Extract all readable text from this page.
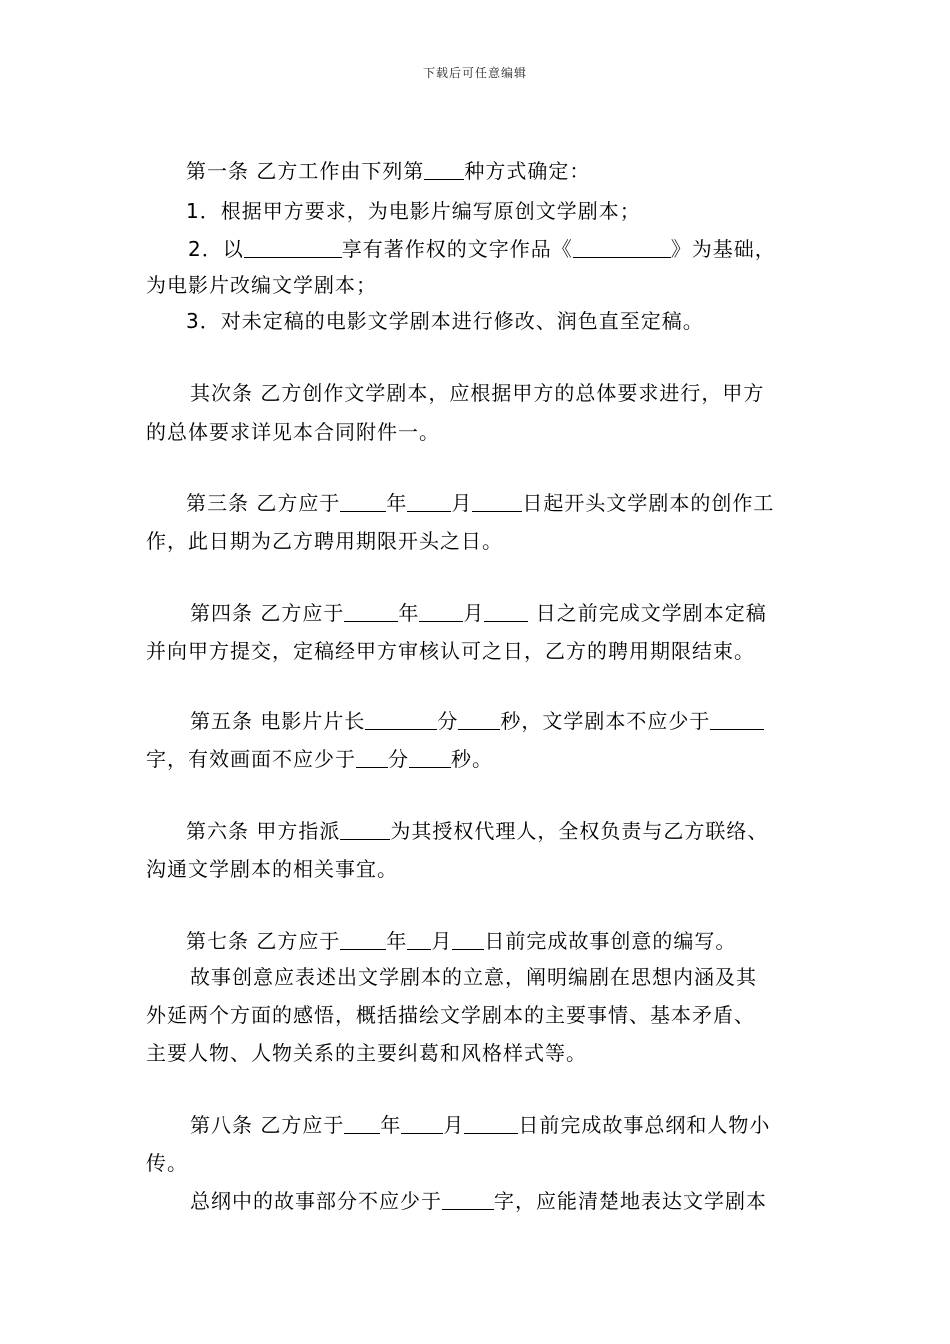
下载后可任意编辑
第一条 乙方工作由下列第 种方式确定：
1．根据甲方要求，为电影片编写原创文学剧本；
2．以	享有著作权的文字作品《	》为基础，
为电影片改编文学剧本；
3．对未定稿的电影文学剧本进行修改、润色直至定稿。
其次条 乙方创作文学剧本，应根据甲方的总体要求进行，甲方
的总体要求详见本合同附件一。
第三条 乙方应于 年 月	日起开头文学剧本的创作工
作，此日期为乙方聘用期限开头之日。
第四条 乙方应于	年 月 日之前完成文学剧本定稿
并向甲方提交，定稿经甲方审核认可之日，乙方的聘用期限结束。
第五条 电影片片长	分 秒，文学剧本不应少于
字，有效画面不应少于 分 秒。
第六条 甲方指派	为其授权代理人，全权负责与乙方联络、
沟通文学剧本的相关事宜。
第七条 乙方应于 年 月 日前完成故事创意的编写。
故事创意应表述出文学剧本的立意，阐明编剧在思想内涵及其
外延两个方面的感悟，概括描绘文学剧本的主要事情、基本矛盾、
主要人物、人物关系的主要纠葛和风格样式等。
第八条 乙方应于 年 月	日前完成故事总纲和人物小
传。
总纲中的故事部分不应少于	字，应能清楚地表达文学剧本
